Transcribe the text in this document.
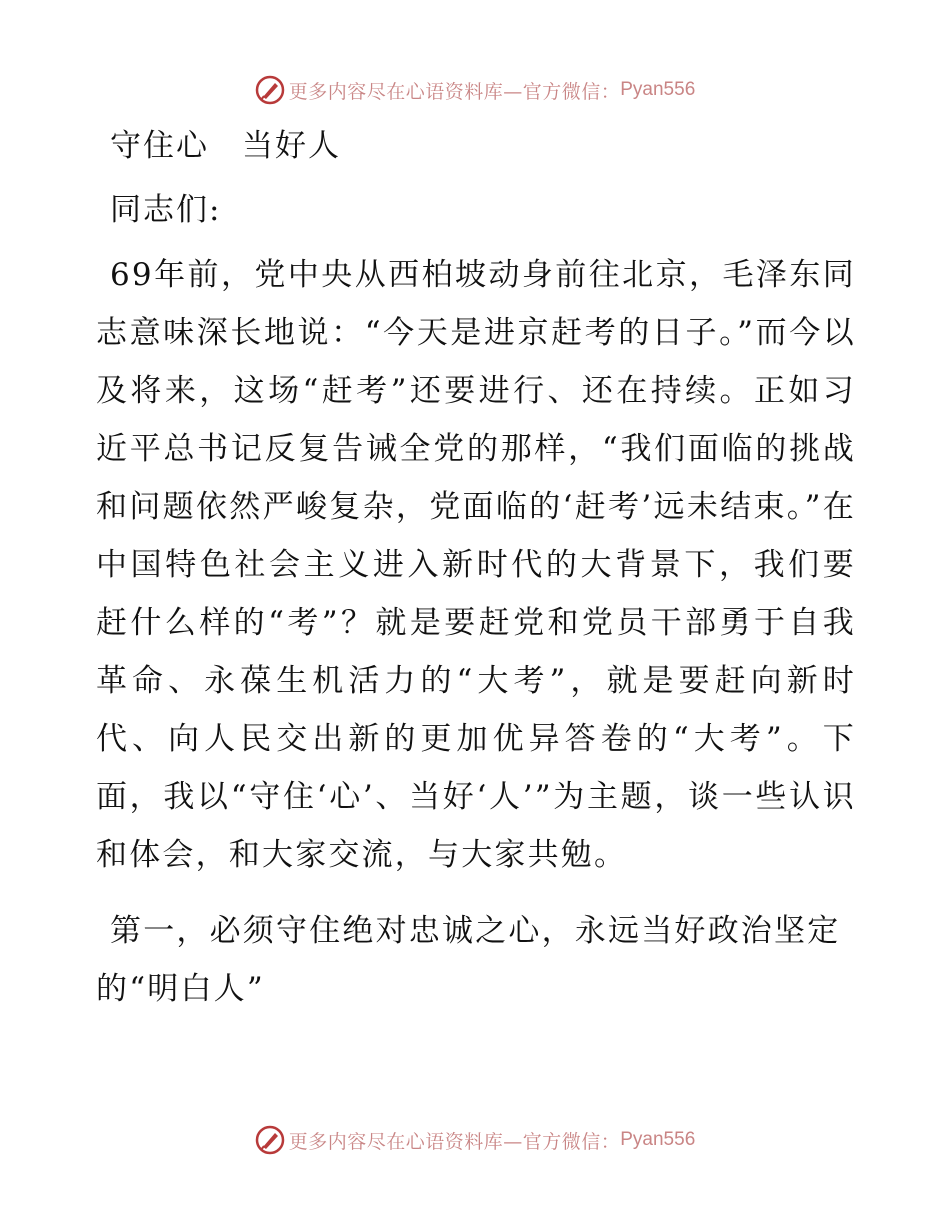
更多内容尽在心语资料库—官方微信： Pyan556
守住心　当好人
同志们:

69年前，党中央从西柏坡动身前往北京，毛泽东同志意味深长地说：“今天是进京赶考的日子。”而今以及将来，这场“赶考”还要进行、还在持续。正如习近平总书记反复告诫全党的那样，“我们面临的挑战和问题依然严峻复杂，党面临的‘赶考’远未结束。”在中国特色社会主义进入新时代的大背景下，我们要赶什么样的“考”？就是要赶党和党员干部勇于自我革命、永葆生机活力的“大考”，就是要赶向新时代、向人民交出新的更加优异答卷的“大考”。下面，我以“守住‘心’、当好‘人’”为主题，谈一些认识和体会，和大家交流，与大家共勉。

第一，必须守住绝对忠诚之心，永远当好政治坚定的“明白人”

更多内容尽在心语资料库—官方微信： Pyan556
